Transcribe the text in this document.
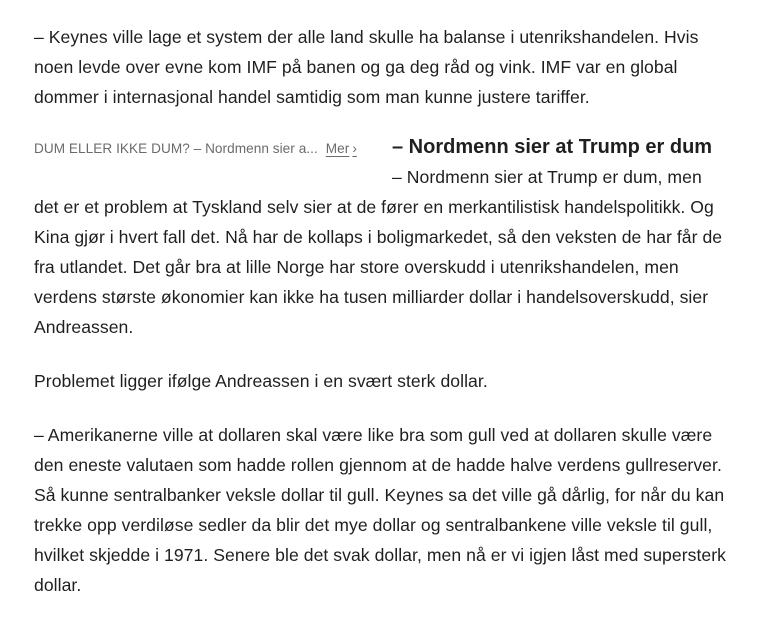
– Keynes ville lage et system der alle land skulle ha balanse i utenrikshandelen. Hvis noen levde over evne kom IMF på banen og ga deg råd og vink. IMF var en global dommer i internasjonal handel samtidig som man kunne justere tariffer.

DUM ELLER IKKE DUM? – Nordmenn sier a... Mer ›	– Nordmenn sier at Trump er dum

– Nordmenn sier at Trump er dum, men det er et problem at Tyskland selv sier at de fører en merkantilistisk handelspolitikk. Og Kina gjør i hvert fall det. Nå har de kollaps i boligmarkedet, så den veksten de har får de fra utlandet. Det går bra at lille Norge har store overskudd i utenrikshandelen, men verdens største økonomier kan ikke ha tusen milliarder dollar i handelsoverskudd, sier Andreassen.

Problemet ligger ifølge Andreassen i en svært sterk dollar.

– Amerikanerne ville at dollaren skal være like bra som gull ved at dollaren skulle være den eneste valutaen som hadde rollen gjennom at de hadde halve verdens gullreserver. Så kunne sentralbanker veksle dollar til gull. Keynes sa det ville gå dårlig, for når du kan trekke opp verdiløse sedler da blir det mye dollar og sentralbankene ville veksle til gull, hvilket skjedde i 1971. Senere ble det svak dollar, men nå er vi igjen låst med supersterk dollar.
